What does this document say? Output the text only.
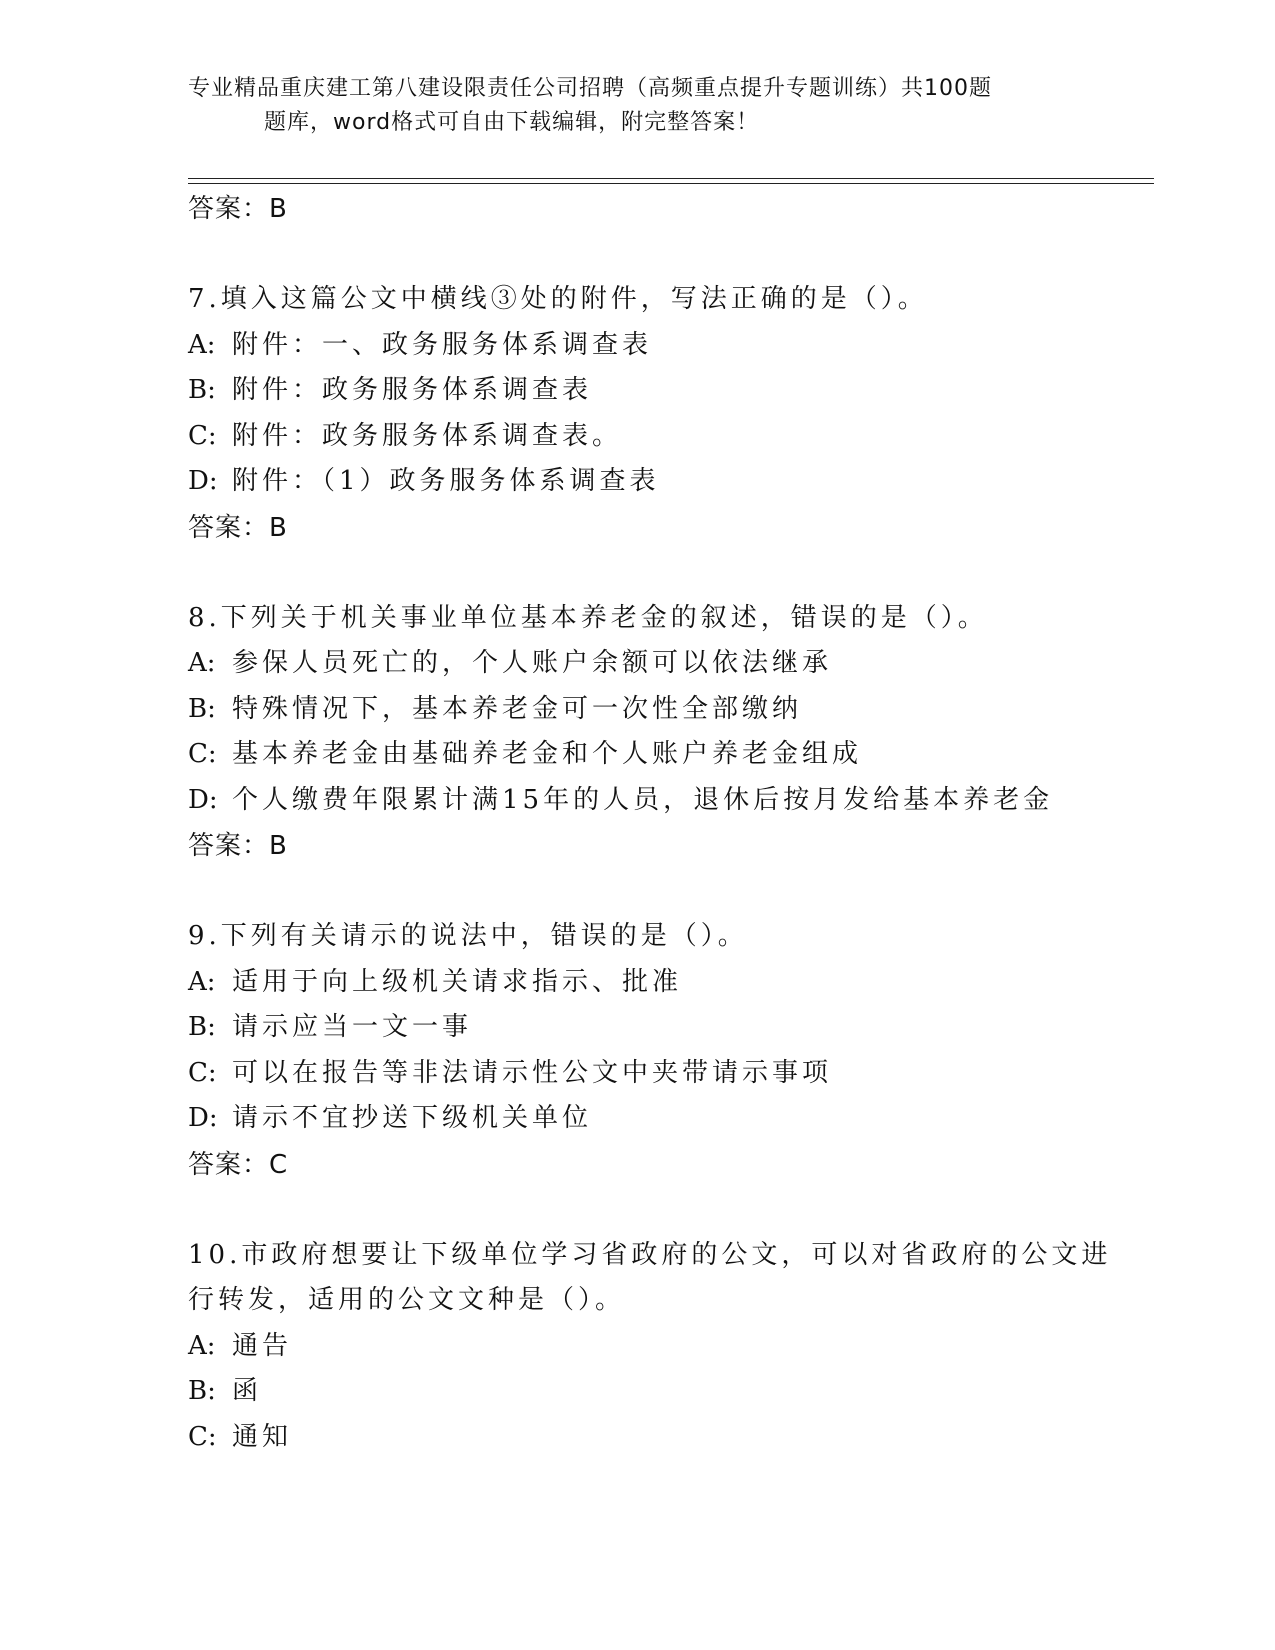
专业精品重庆建工第八建设限责任公司招聘（高频重点提升专题训练）共100题
题库，word格式可自由下载编辑，附完整答案！
答案：B
7.填入这篇公文中横线③处的附件，写法正确的是（）。
A: 附件：一、政务服务体系调查表
B: 附件：政务服务体系调查表
C: 附件：政务服务体系调查表。
D: 附件：（1）政务服务体系调查表
答案：B
8.下列关于机关事业单位基本养老金的叙述，错误的是（）。
A: 参保人员死亡的，个人账户余额可以依法继承
B: 特殊情况下，基本养老金可一次性全部缴纳
C: 基本养老金由基础养老金和个人账户养老金组成
D: 个人缴费年限累计满15年的人员，退休后按月发给基本养老金
答案：B
9.下列有关请示的说法中，错误的是（）。
A: 适用于向上级机关请求指示、批准
B: 请示应当一文一事
C: 可以在报告等非法请示性公文中夹带请示事项
D: 请示不宜抄送下级机关单位
答案：C
10.市政府想要让下级单位学习省政府的公文，可以对省政府的公文进
行转发，适用的公文文种是（）。
A: 通告
B: 函
C: 通知
